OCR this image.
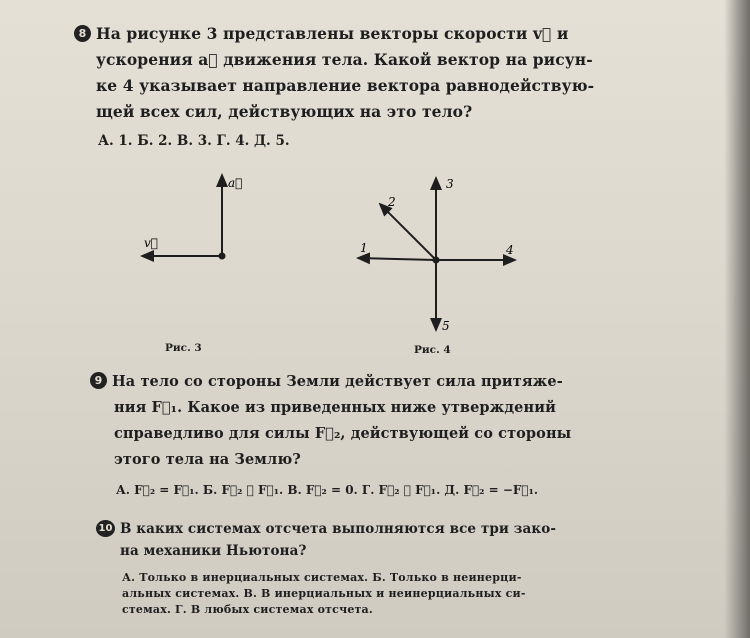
8 На рисунке 3 представлены векторы скорости v⃗ и
ускорения a⃗ движения тела. Какой вектор на рисун-
ке 4 указывает направление вектора равнодействую-
щей всех сил, действующих на это тело?
А. 1. Б. 2. В. 3. Г. 4. Д. 5.
a⃗
v⃗
Рис. 3
1
2
3
4
5
Рис. 4
9 На тело со стороны Земли действует сила притяже-
ния F⃗₁. Какое из приведенных ниже утверждений
справедливо для силы F⃗₂, действующей со стороны
этого тела на Землю?
А. F⃗₂ = F⃗₁. Б. F⃗₂ ≪ F⃗₁. В. F⃗₂ = 0. Г. F⃗₂ ≫ F⃗₁. Д. F⃗₂ = −F⃗₁.
10 В каких системах отсчета выполняются все три зако-
на механики Ньютона?
А. Только в инерциальных системах. Б. Только в неинерци-
альных системах. В. В инерциальных и неинерциальных си-
стемах. Г. В любых системах отсчета.
